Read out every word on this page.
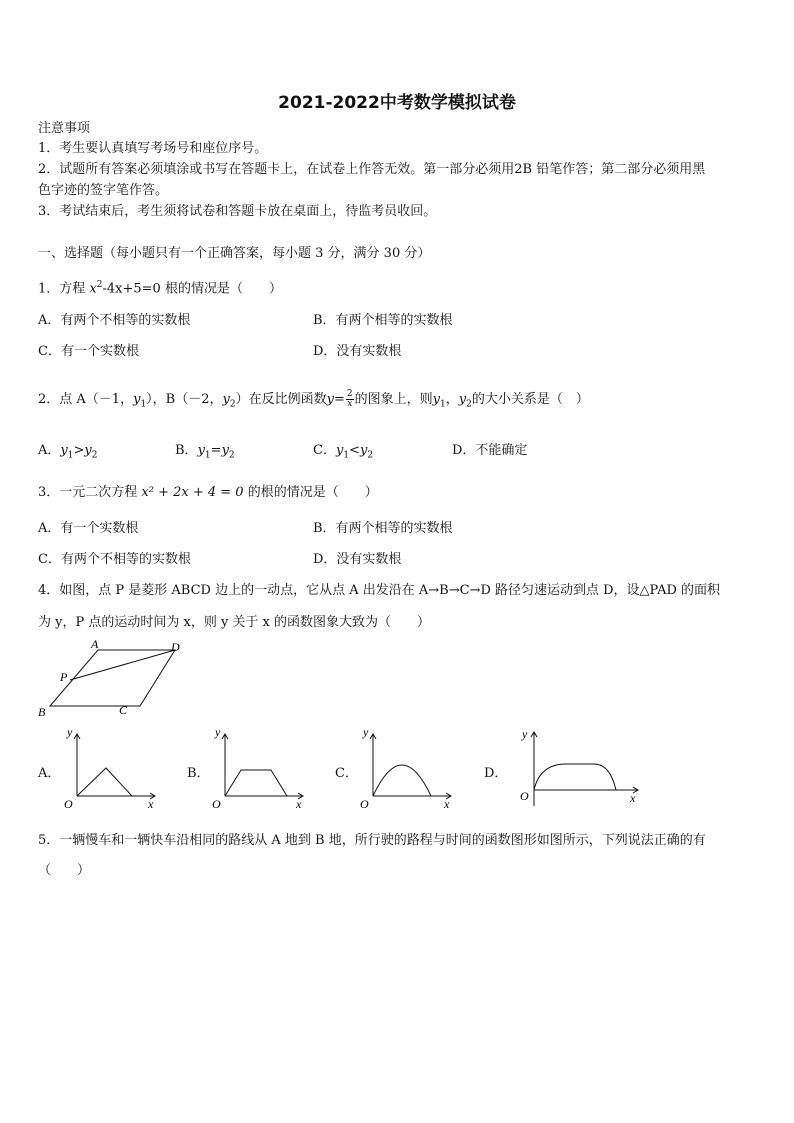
2021-2022中考数学模拟试卷
注意事项
1．考生要认真填写考场号和座位序号。
2．试题所有答案必须填涂或书写在答题卡上，在试卷上作答无效。第一部分必须用2B 铅笔作答；第二部分必须用黑
色字迹的签字笔作答。
3．考试结束后，考生须将试卷和答题卡放在桌面上，待监考员收回。
一、选择题（每小题只有一个正确答案，每小题 3 分，满分 30 分）
1．方程 $x^2-4x+5=0$ 根的情况是（　　）
A．有两个不相等的实数根	B．有两个相等的实数根
C．有一个实数根	D．没有实数根
2．点 A（－1，$y_1$），B（－2，$y_2$）在反比例函数$y= \frac{2}{x}$ 的图象上，则$y_1$，$y_2$的大小关系是（　）
A．$y_1>y_2$	B．$y_1=y_2$	C．$y_1<y_2$	D．不能确定
3．一元二次方程 x² + 2x + 4 = 0 的根的情况是（　　）
A．有一个实数根	B．有两个相等的实数根
C．有两个不相等的实数根	D．没有实数根
4．如图，点 P 是菱形 ABCD 边上的一动点，它从点 A 出发沿在 A→B→C→D 路径匀速运动到点 D，设△PAD 的面积
为 y，P 点的运动时间为 x，则 y 关于 x 的函数图象大致为（　　）
A	D
P
B	C
A．
y
O	x
B．
y
O	x
C．
y
O	x
D．
y
O	x
5．一辆慢车和一辆快车沿相同的路线从 A 地到 B 地，所行驶的路程与时间的函数图形如图所示，下列说法正确的有
（　　）
